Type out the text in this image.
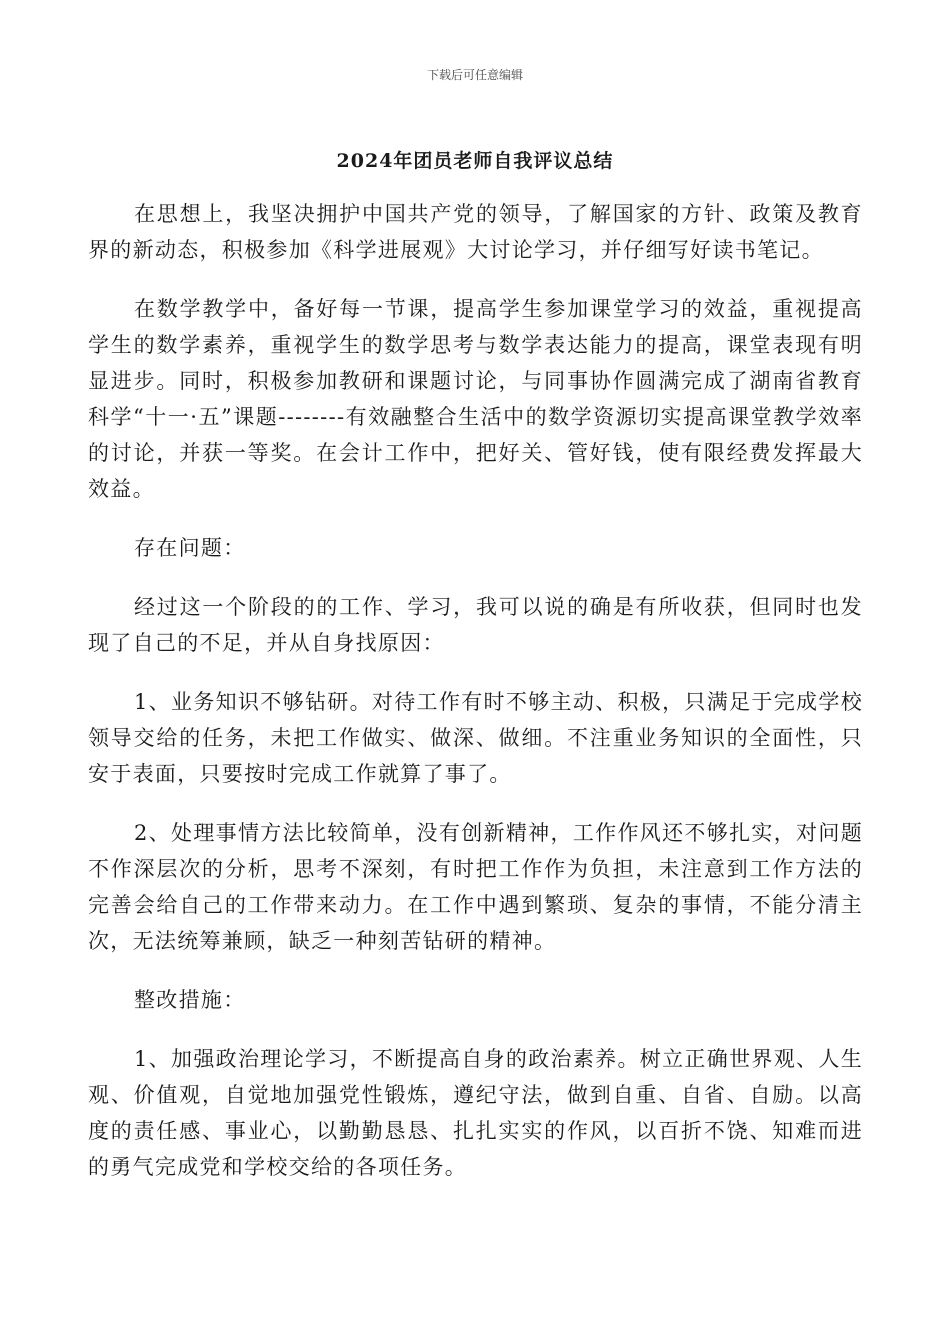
下载后可任意编辑
2024年团员老师自我评议总结

在思想上，我坚决拥护中国共产党的领导，了解国家的方针、政策及教育界的新动态，积极参加《科学进展观》大讨论学习，并仔细写好读书笔记。

在数学教学中，备好每一节课，提高学生参加课堂学习的效益，重视提高学生的数学素养，重视学生的数学思考与数学表达能力的提高，课堂表现有明显进步。同时，积极参加教研和课题讨论，与同事协作圆满完成了湖南省教育科学“十一·五”课题--------有效融整合生活中的数学资源切实提高课堂教学效率的讨论，并获一等奖。在会计工作中，把好关、管好钱，使有限经费发挥最大效益。

存在问题：

经过这一个阶段的的工作、学习，我可以说的确是有所收获，但同时也发现了自己的不足，并从自身找原因：

1、业务知识不够钻研。对待工作有时不够主动、积极，只满足于完成学校领导交给的任务，未把工作做实、做深、做细。不注重业务知识的全面性，只安于表面，只要按时完成工作就算了事了。

2、处理事情方法比较简单，没有创新精神，工作作风还不够扎实，对问题不作深层次的分析，思考不深刻，有时把工作作为负担，未注意到工作方法的完善会给自己的工作带来动力。在工作中遇到繁琐、复杂的事情，不能分清主次，无法统筹兼顾，缺乏一种刻苦钻研的精神。

整改措施：

1、加强政治理论学习，不断提高自身的政治素养。树立正确世界观、人生观、价值观，自觉地加强党性锻炼，遵纪守法，做到自重、自省、自励。以高度的责任感、事业心，以勤勤恳恳、扎扎实实的作风，以百折不饶、知难而进的勇气完成党和学校交给的各项任务。
